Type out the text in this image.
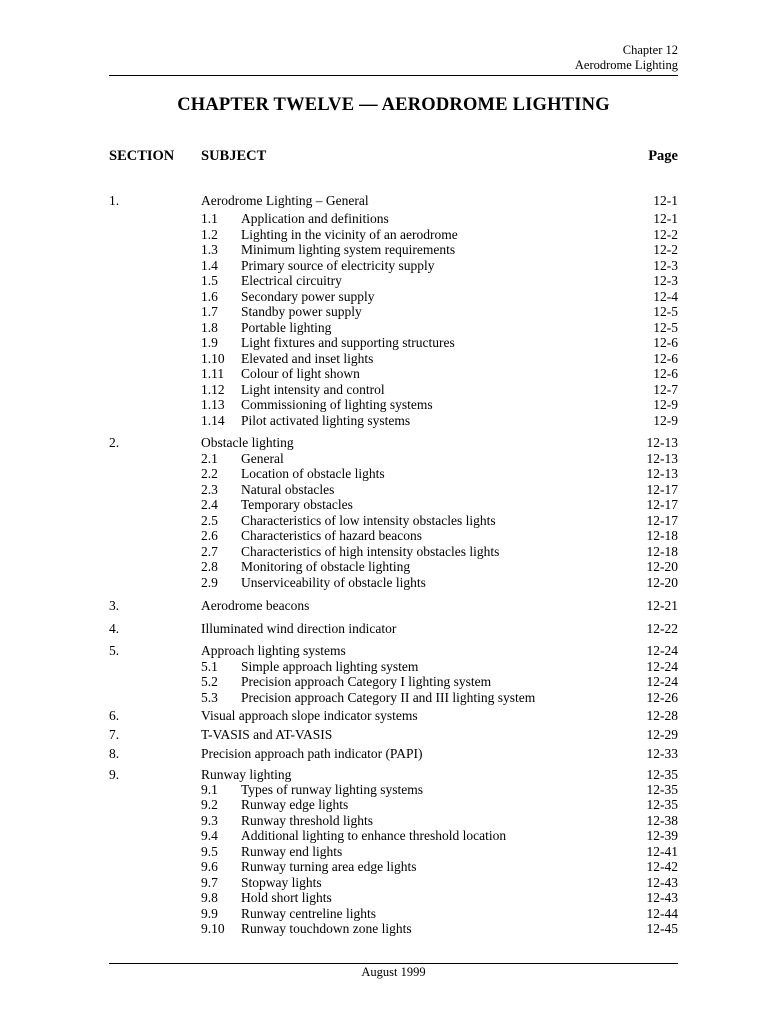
Chapter 12
Aerodrome Lighting
CHAPTER TWELVE — AERODROME LIGHTING
SECTION SUBJECT	Page
1.	Aerodrome Lighting – General	12-1
1.1 Application and definitions	12-1
1.2 Lighting in the vicinity of an aerodrome	12-2
1.3 Minimum lighting system requirements	12-2
1.4 Primary source of electricity supply	12-3
1.5 Electrical circuitry	12-3
1.6 Secondary power supply	12-4
1.7 Standby power supply	12-5
1.8 Portable lighting	12-5
1.9 Light fixtures and supporting structures	12-6
1.10 Elevated and inset lights	12-6
1.11 Colour of light shown	12-6
1.12 Light intensity and control	12-7
1.13 Commissioning of lighting systems	12-9
1.14 Pilot activated lighting systems	12-9
2.	Obstacle lighting	12-13
2.1 General	12-13
2.2 Location of obstacle lights	12-13
2.3 Natural obstacles	12-17
2.4 Temporary obstacles	12-17
2.5 Characteristics of low intensity obstacles lights	12-17
2.6 Characteristics of hazard beacons	12-18
2.7 Characteristics of high intensity obstacles lights	12-18
2.8 Monitoring of obstacle lighting	12-20
2.9 Unserviceability of obstacle lights	12-20
3.	Aerodrome beacons	12-21
4.	Illuminated wind direction indicator	12-22
5.	Approach lighting systems	12-24
5.1 Simple approach lighting system	12-24
5.2 Precision approach Category I lighting system	12-24
5.3 Precision approach Category II and III lighting system	12-26
6.	Visual approach slope indicator systems	12-28
7.	T-VASIS and AT-VASIS	12-29
8.	Precision approach path indicator (PAPI)	12-33
9.	Runway lighting	12-35
9.1 Types of runway lighting systems	12-35
9.2 Runway edge lights	12-35
9.3 Runway threshold lights	12-38
9.4 Additional lighting to enhance threshold location	12-39
9.5 Runway end lights	12-41
9.6 Runway turning area edge lights	12-42
9.7 Stopway lights	12-43
9.8 Hold short lights	12-43
9.9 Runway centreline lights	12-44
9.10 Runway touchdown zone lights	12-45
August 1999
